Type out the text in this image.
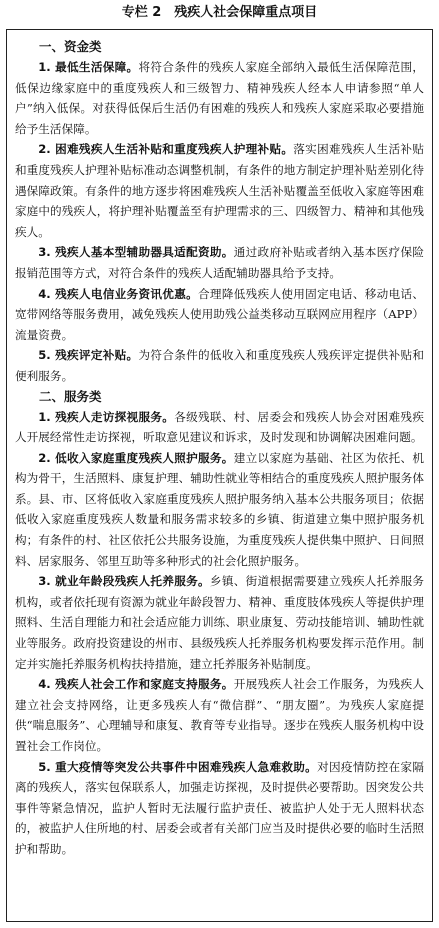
专栏 2　残疾人社会保障重点项目
一、资金类

1. 最低生活保障。将符合条件的残疾人家庭全部纳入最低生活保障范围，低保边缘家庭中的重度残疾人和三级智力、精神残疾人经本人申请参照“单人户”纳入低保。对获得低保后生活仍有困难的残疾人和残疾人家庭采取必要措施给予生活保障。

2. 困难残疾人生活补贴和重度残疾人护理补贴。落实困难残疾人生活补贴和重度残疾人护理补贴标准动态调整机制，有条件的地方制定护理补贴差别化待遇保障政策。有条件的地方逐步将困难残疾人生活补贴覆盖至低收入家庭等困难家庭中的残疾人，将护理补贴覆盖至有护理需求的三、四级智力、精神和其他残疾人。

3. 残疾人基本型辅助器具适配资助。通过政府补贴或者纳入基本医疗保险报销范围等方式，对符合条件的残疾人适配辅助器具给予支持。

4. 残疾人电信业务资讯优惠。合理降低残疾人使用固定电话、移动电话、宽带网络等服务费用，减免残疾人使用助残公益类移动互联网应用程序（APP）流量资费。

5. 残疾评定补贴。为符合条件的低收入和重度残疾人残疾评定提供补贴和便利服务。

二、服务类

1. 残疾人走访探视服务。各级残联、村、居委会和残疾人协会对困难残疾人开展经常性走访探视，听取意见建议和诉求，及时发现和协调解决困难问题。

2. 低收入家庭重度残疾人照护服务。建立以家庭为基础、社区为依托、机构为骨干，生活照料、康复护理、辅助性就业等相结合的重度残疾人照护服务体系。县、市、区将低收入家庭重度残疾人照护服务纳入基本公共服务项目；依据低收入家庭重度残疾人数量和服务需求较多的乡镇、街道建立集中照护服务机构；有条件的村、社区依托公共服务设施，为重度残疾人提供集中照护、日间照料、居家服务、邻里互助等多种形式的社会化照护服务。

3. 就业年龄段残疾人托养服务。乡镇、街道根据需要建立残疾人托养服务机构，或者依托现有资源为就业年龄段智力、精神、重度肢体残疾人等提供护理照料、生活自理能力和社会适应能力训练、职业康复、劳动技能培训、辅助性就业等服务。政府投资建设的州市、县级残疾人托养服务机构要发挥示范作用。制定并实施托养服务机构扶持措施，建立托养服务补贴制度。

4. 残疾人社会工作和家庭支持服务。开展残疾人社会工作服务，为残疾人建立社会支持网络，让更多残疾人有“微信群”、“朋友圈”。为残疾人家庭提供“喘息服务”、心理辅导和康复、教育等专业指导。逐步在残疾人服务机构中设置社会工作岗位。

5. 重大疫情等突发公共事件中困难残疾人急难救助。对因疫情防控在家隔离的残疾人，落实包保联系人，加强走访探视，及时提供必要帮助。因突发公共事件等紧急情况，监护人暂时无法履行监护责任、被监护人处于无人照料状态的，被监护人住所地的村、居委会或者有关部门应当及时提供必要的临时生活照护和帮助。
